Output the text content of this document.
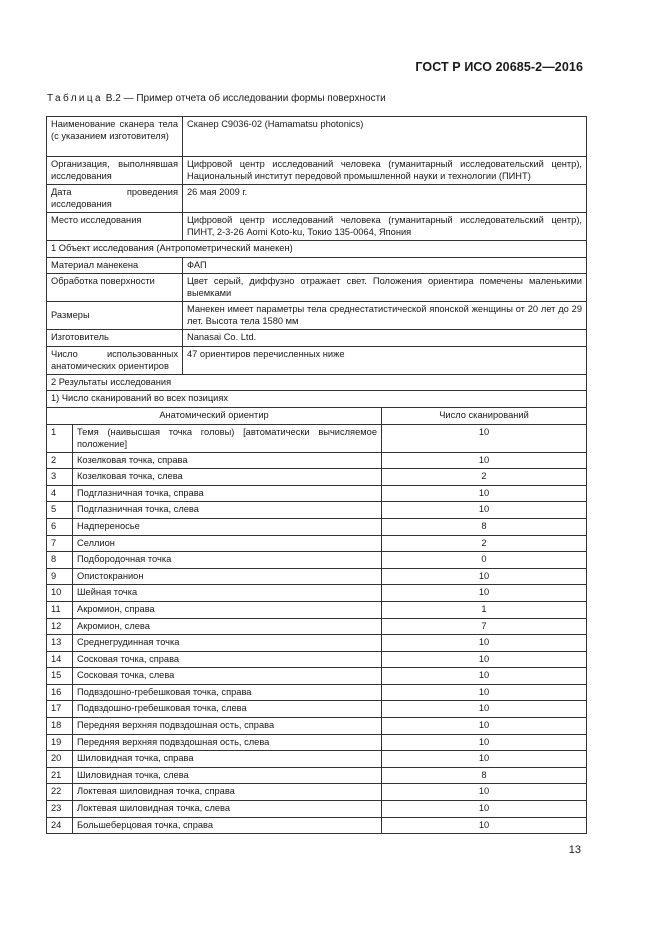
ГОСТ Р ИСО 20685-2—2016
Таблица В.2 — Пример отчета об исследовании формы поверхности
Наименование сканера тела (с указанием изготовителя)		Сканер C9036-02 (Hamamatsu photonics)	
Организация, выполнявшая исследования		Цифровой центр исследований человека (гуманитарный исследовательский центр), Национальный институт передовой промышленной науки и технологии (ПИНТ)	
Дата проведения исследования		26 мая 2009 г.	
Место исследования		Цифровой центр исследований человека (гуманитарный исследовательский центр), ПИНТ, 2-3-26 Aomi Koto-ku, Токио 135-0064, Япония	
1 Объект исследования (Антропометрический манекен)			
Материал манекена		ФАП	
Обработка поверхности		Цвет серый, диффузно отражает свет. Положения ориентира помечены маленькими выемками	
Размеры		Манекен имеет параметры тела среднестатистической японской женщины от 20 лет до 29 лет. Высота тела 1580 мм	
Изготовитель		Nanasai Co. Ltd.	
Число использованных анатомических ориентиров		47 ориентиров перечисленных ниже	
2 Результаты исследования			
1) Число сканирований во всех позициях			
Анатомический ориентир			Число сканирований
1	Темя (наивысшая точка головы) [автоматически вычисляемое положение]		10
2	Козелковая точка, справа		10
3	Козелковая точка, слева		2
4	Подглазничная точка, справа		10
5	Подглазничная точка, слева		10
6	Надпереносье		8
7	Селлион		2
8	Подбородочная точка		0
9	Опистокранион		10
10	Шейная точка		10
11	Акромион, справа		1
12	Акромион, слева		7
13	Среднегрудинная точка		10
14	Сосковая точка, справа		10
15	Сосковая точка, слева		10
16	Подвздошно-гребешковая точка, справа		10
17	Подвздошно-гребешковая точка, слева		10
18	Передняя верхняя подвздошная ость, справа		10
19	Передняя верхняя подвздошная ость, слева		10
20	Шиловидная точка, справа		10
21	Шиловидная точка, слева		8
22	Локтевая шиловидная точка, справа		10
23	Локтевая шиловидная точка, слева		10
24	Большеберцовая точка, справа		10
13
